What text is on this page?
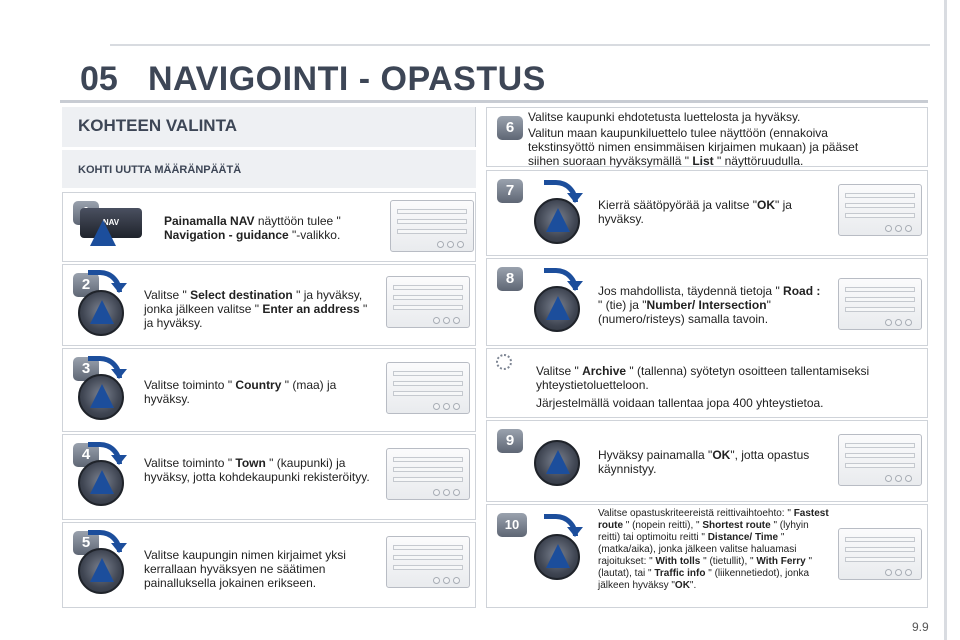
05 NAVIGOINTI - OPASTUS
KOHTEEN VALINTA
KOHTI UUTTA MÄÄRÄNPÄÄTÄ
NAV	Painamalla NAV näyttöön tulee " Navigation - guidance "-valikko.
2
Valitse " Select destination " ja hyväksy, jonka jälkeen valitse " Enter an address " ja hyväksy.
3
Valitse toiminto " Country " (maa) ja hyväksy.
4	Valitse toiminto " Town " (kaupunki) ja hyväksy, jotta kohdekaupunki rekisteröityy.
5
Valitse kaupungin nimen kirjaimet yksi kerrallaan hyväksyen ne säätimen painalluksella jokainen erikseen.
6
Valitse kaupunki ehdotetusta luettelosta ja hyväksy.
Valitun maan kaupunkiluettelo tulee näyttöön (ennakoiva tekstinsyöttö nimen ensimmäisen kirjaimen mukaan) ja pääset siihen suoraan hyväksymällä " List " näyttöruudulla.
7
Kierrä säätöpyörää ja valitse "OK" ja hyväksy.
8
Jos mahdollista, täydennä tietoja " Road : " (tie) ja "Number/ Intersection" (numero/risteys) samalla tavoin.
Valitse " Archive " (tallenna) syötetyn osoitteen tallentamiseksi yhteystietoluetteloon.
Järjestelmällä voidaan tallentaa jopa 400 yhteystietoa.
9
Hyväksy painamalla "OK", jotta opastus käynnistyy.
10
Valitse opastuskriteereistä reittivaihtoehto: " Fastest route " (nopein reitti), " Shortest route " (lyhyin reitti) tai optimoitu reitti " Distance/ Time " (matka/aika), jonka jälkeen valitse haluamasi rajoitukset: " With tolls " (tietullit), " With Ferry " (lautat), tai " Traffic info " (liikennetiedot), jonka jälkeen hyväksy "OK".
9.9
